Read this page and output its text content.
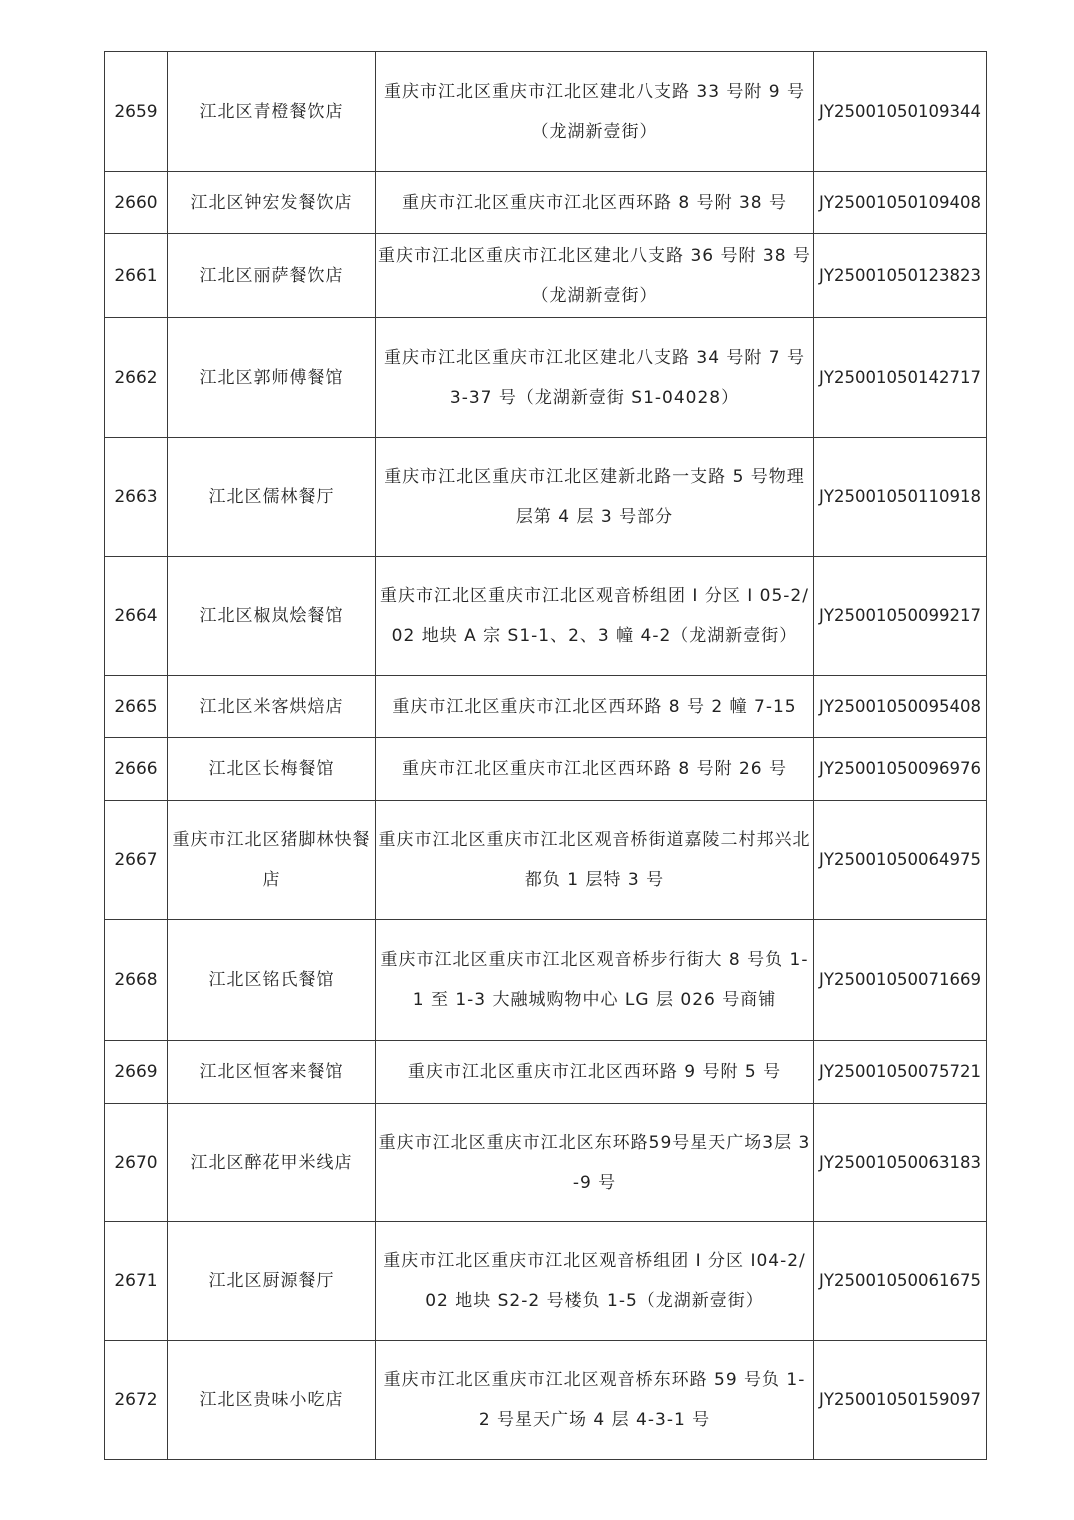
2659	江北区青橙餐饮店	重庆市江北区重庆市江北区建北八支路 33 号附 9 号（龙湖新壹街）	JY25001050109344
2660	江北区钟宏发餐饮店	重庆市江北区重庆市江北区西环路 8 号附 38 号	JY25001050109408
2661	江北区丽萨餐饮店	重庆市江北区重庆市江北区建北八支路 36 号附 38 号（龙湖新壹街）	JY25001050123823
2662	江北区郭师傅餐馆	重庆市江北区重庆市江北区建北八支路 34 号附 7 号 3-37 号（龙湖新壹街 S1-04028）	JY25001050142717
2663	江北区儒林餐厅	重庆市江北区重庆市江北区建新北路一支路 5 号物理层第 4 层 3 号部分	JY25001050110918
2664	江北区椒岚烩餐馆	重庆市江北区重庆市江北区观音桥组团 I 分区 I 05-2/02 地块 A 宗 S1-1、2、3 幢 4-2（龙湖新壹街）	JY25001050099217
2665	江北区米客烘焙店	重庆市江北区重庆市江北区西环路 8 号 2 幢 7-15	JY25001050095408
2666	江北区长梅餐馆	重庆市江北区重庆市江北区西环路 8 号附 26 号	JY25001050096976
2667	重庆市江北区猪脚林快餐店	重庆市江北区重庆市江北区观音桥街道嘉陵二村邦兴北都负 1 层特 3 号	JY25001050064975
2668	江北区铭氏餐馆	重庆市江北区重庆市江北区观音桥步行街大 8 号负 1-1 至 1-3 大融城购物中心 LG 层 026 号商铺	JY25001050071669
2669	江北区恒客来餐馆	重庆市江北区重庆市江北区西环路 9 号附 5 号	JY25001050075721
2670	江北区醉花甲米线店	重庆市江北区重庆市江北区东环路59号星天广场3层 3-9 号	JY25001050063183
2671	江北区厨源餐厅	重庆市江北区重庆市江北区观音桥组团 I 分区 I04-2/02 地块 S2-2 号楼负 1-5（龙湖新壹街）	JY25001050061675
2672	江北区贵味小吃店	重庆市江北区重庆市江北区观音桥东环路 59 号负 1-2 号星天广场 4 层 4-3-1 号	JY25001050159097
